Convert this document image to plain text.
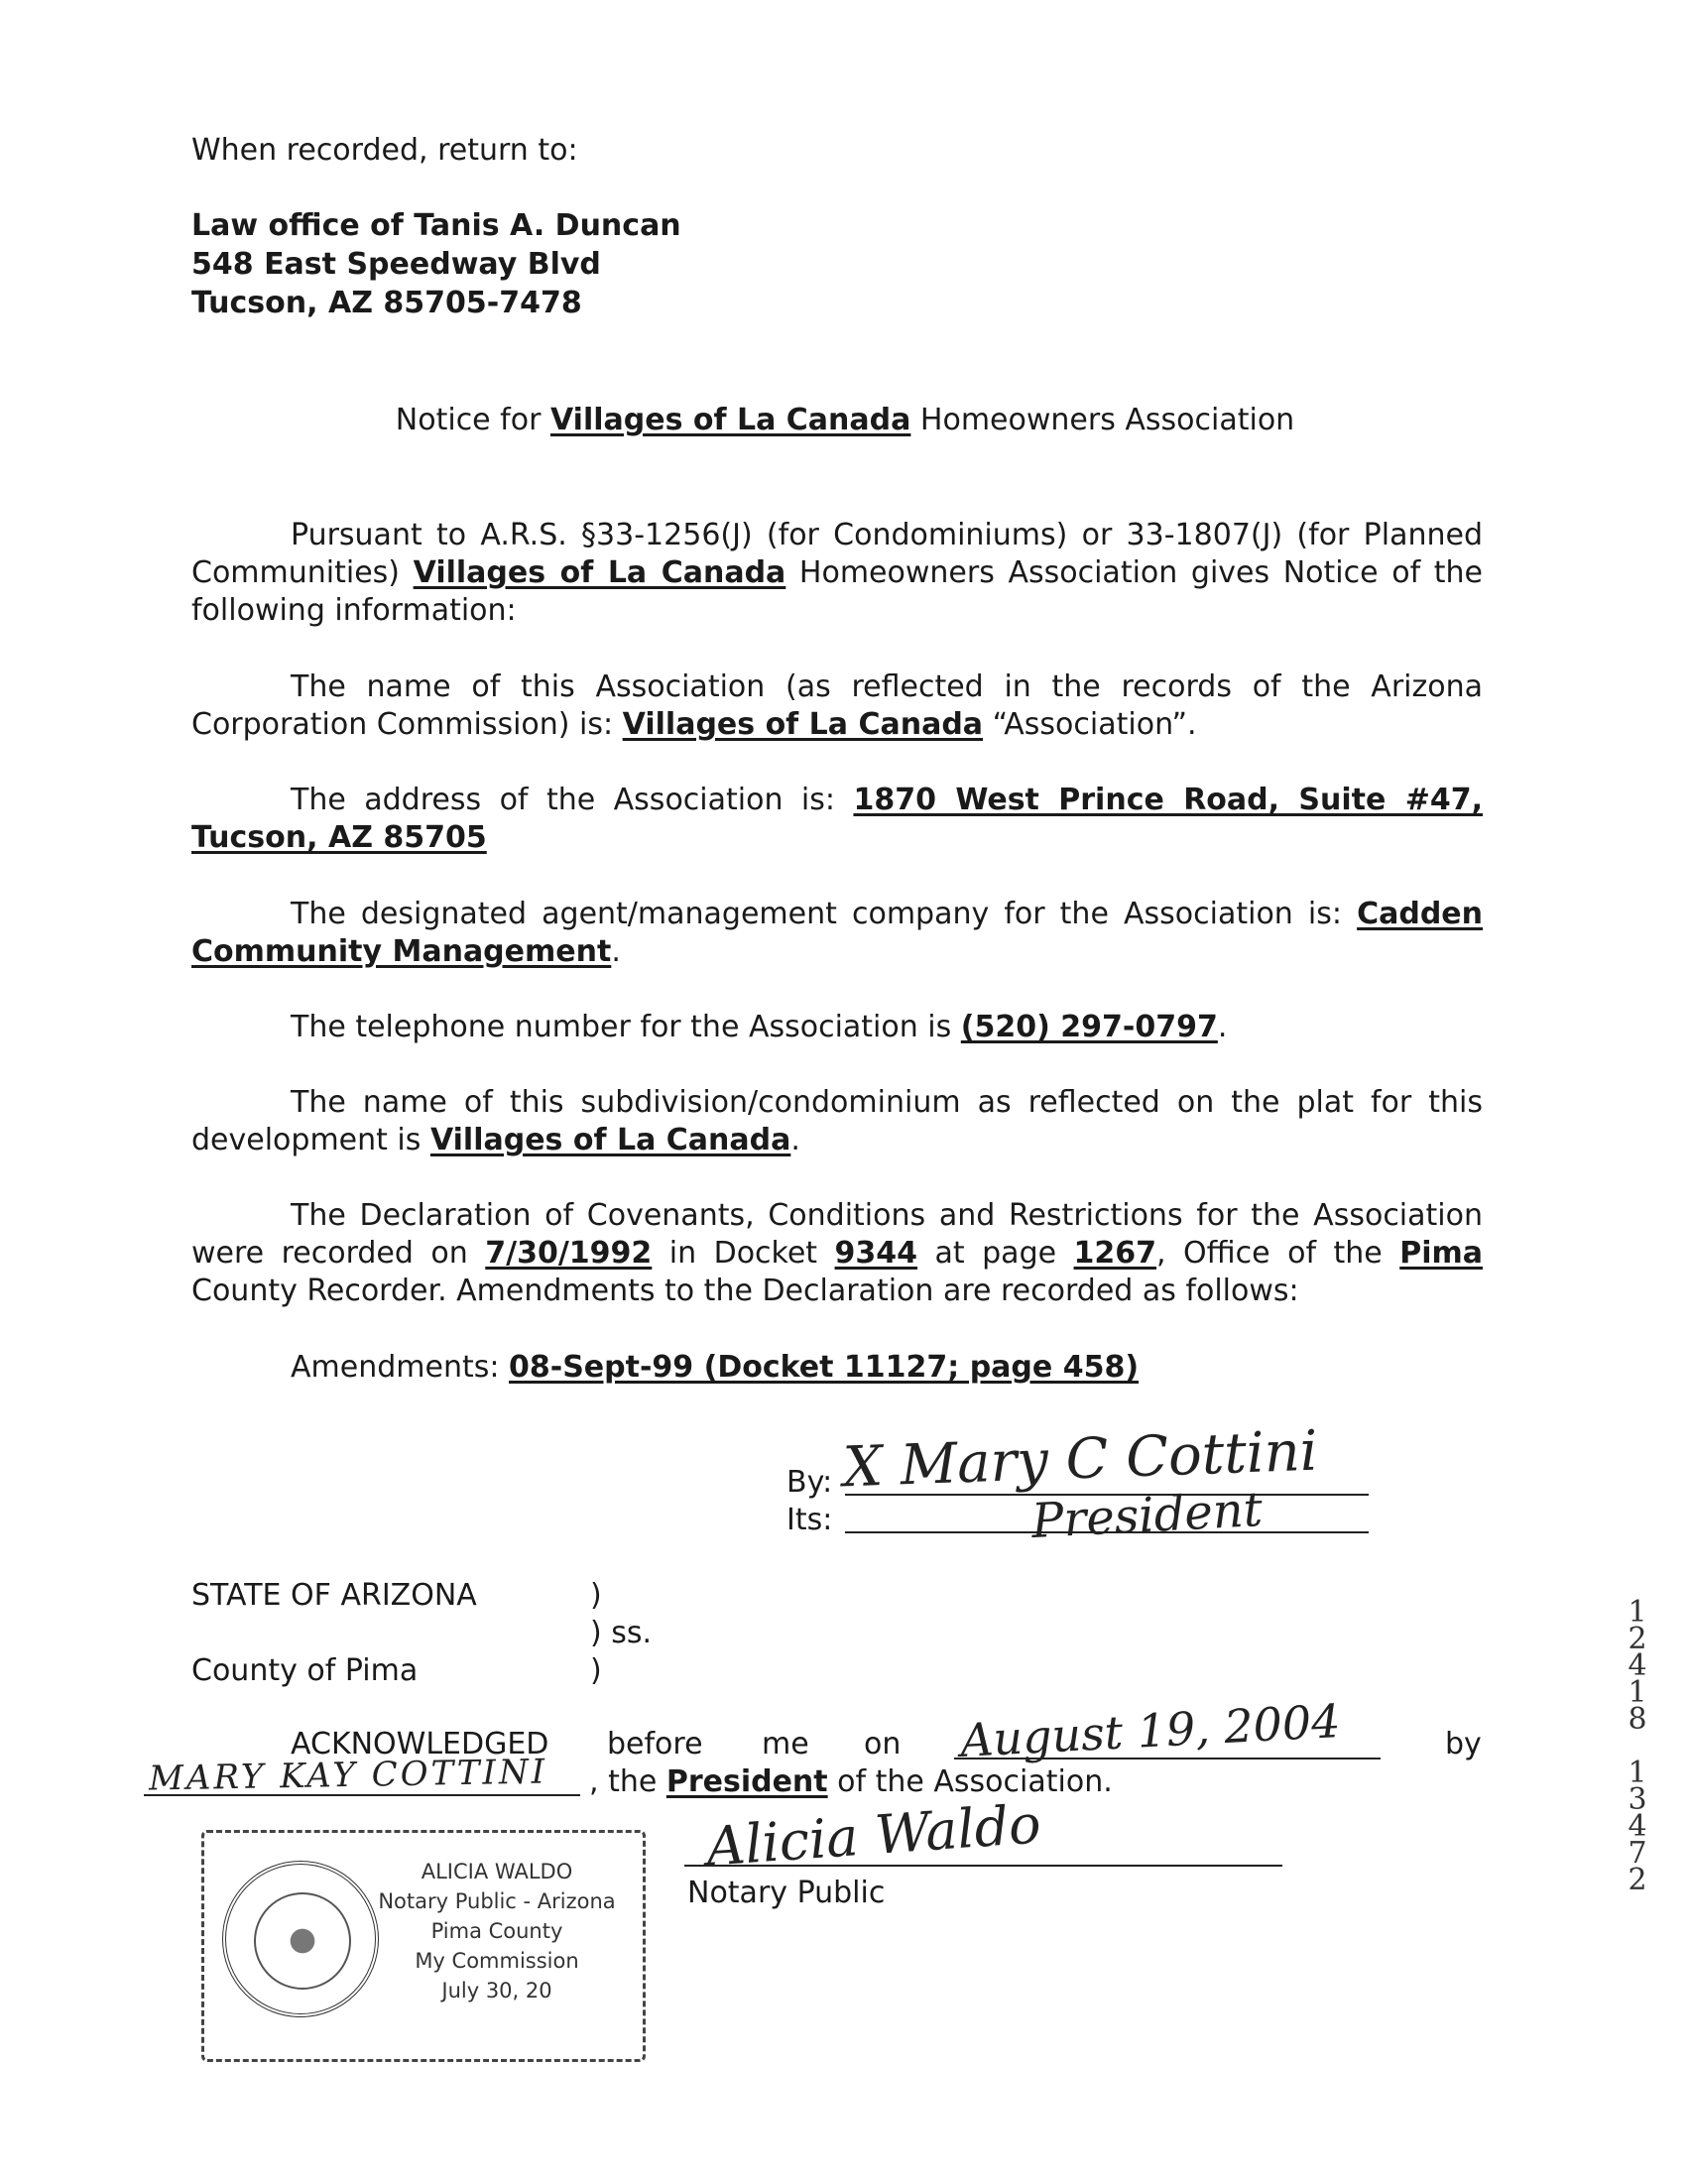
When recorded, return to:
Law office of Tanis A. Duncan
548 East Speedway Blvd
Tucson, AZ 85705-7478
Notice for Villages of La Canada Homeowners Association
Pursuant to A.R.S. §33-1256(J) (for Condominiums) or 33-1807(J) (for Planned Communities) Villages of La Canada Homeowners Association gives Notice of the following information:
The name of this Association (as reflected in the records of the Arizona Corporation Commission) is: Villages of La Canada “Association”.
The address of the Association is: 1870 West Prince Road, Suite #47, Tucson, AZ 85705
The designated agent/management company for the Association is: Cadden Community Management.
The telephone number for the Association is (520) 297-0797.
The name of this subdivision/condominium as reflected on the plat for this development is Villages of La Canada.
The Declaration of Covenants, Conditions and Restrictions for the Association were recorded on 7/30/1992 in Docket 9344 at page 1267, Office of the Pima County Recorder. Amendments to the Declaration are recorded as follows:
Amendments: 08-Sept-99 (Docket 11127; page 458)
By:
Its:
X Mary C Cottini
President
STATE OF ARIZONA	)
) ss.
)
County of Pima
ACKNOWLEDGED before me on August 19, 2004	by
MARY KAY COTTINI , the President of the Association.
Alicia Waldo
Notary Public
ALICIA WALDO
Notary Public - Arizona
Pima County
My Commission
July 30, 20
1
2
4
1
8
1
3
4
7
2
